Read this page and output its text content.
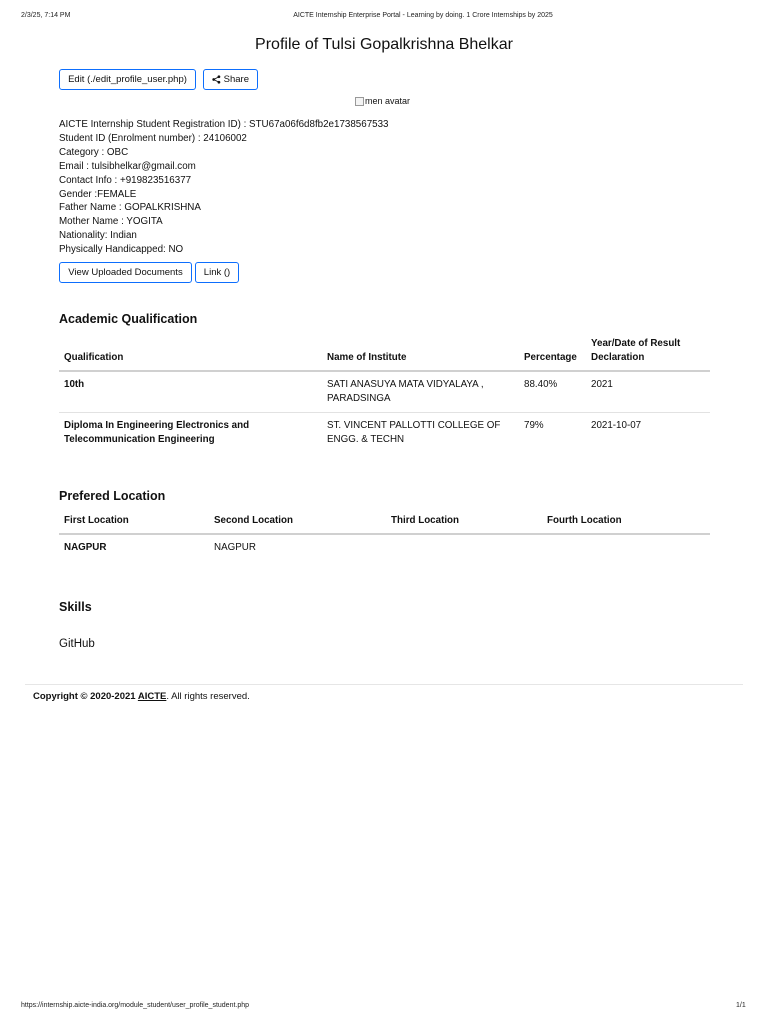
2/3/25, 7:14 PM	AICTE Internship Enterprise Portal - Learning by doing. 1 Crore Internships by 2025
Profile of Tulsi Gopalkrishna Bhelkar
Edit (./edit_profile_user.php)	Share
men avatar
AICTE Internship Student Registration ID) : STU67a06f6d8fb2e1738567533
Student ID (Enrolment number) : 24106002
Category : OBC
Email : tulsibhelkar@gmail.com
Contact Info : +919823516377
Gender :FEMALE
Father Name : GOPALKRISHNA
Mother Name : YOGITA
Nationality: Indian
Physically Handicapped: NO
View Uploaded Documents Link ()
Academic Qualification
Qualification	Name of Institute	Percentage	Year/Date of Result Declaration
10th	SATI ANASUYA MATA VIDYALAYA , PARADSINGA	88.40%	2021
Diploma In Engineering Electronics and Telecommunication Engineering	ST. VINCENT PALLOTTI COLLEGE OF ENGG. & TECHN	79%	2021-10-07
Prefered Location
First Location	Second Location	Third Location	Fourth Location
NAGPUR	NAGPUR		
Skills
GitHub
Copyright © 2020-2021 AICTE. All rights reserved.
https://internship.aicte-india.org/module_student/user_profile_student.php	1/1
